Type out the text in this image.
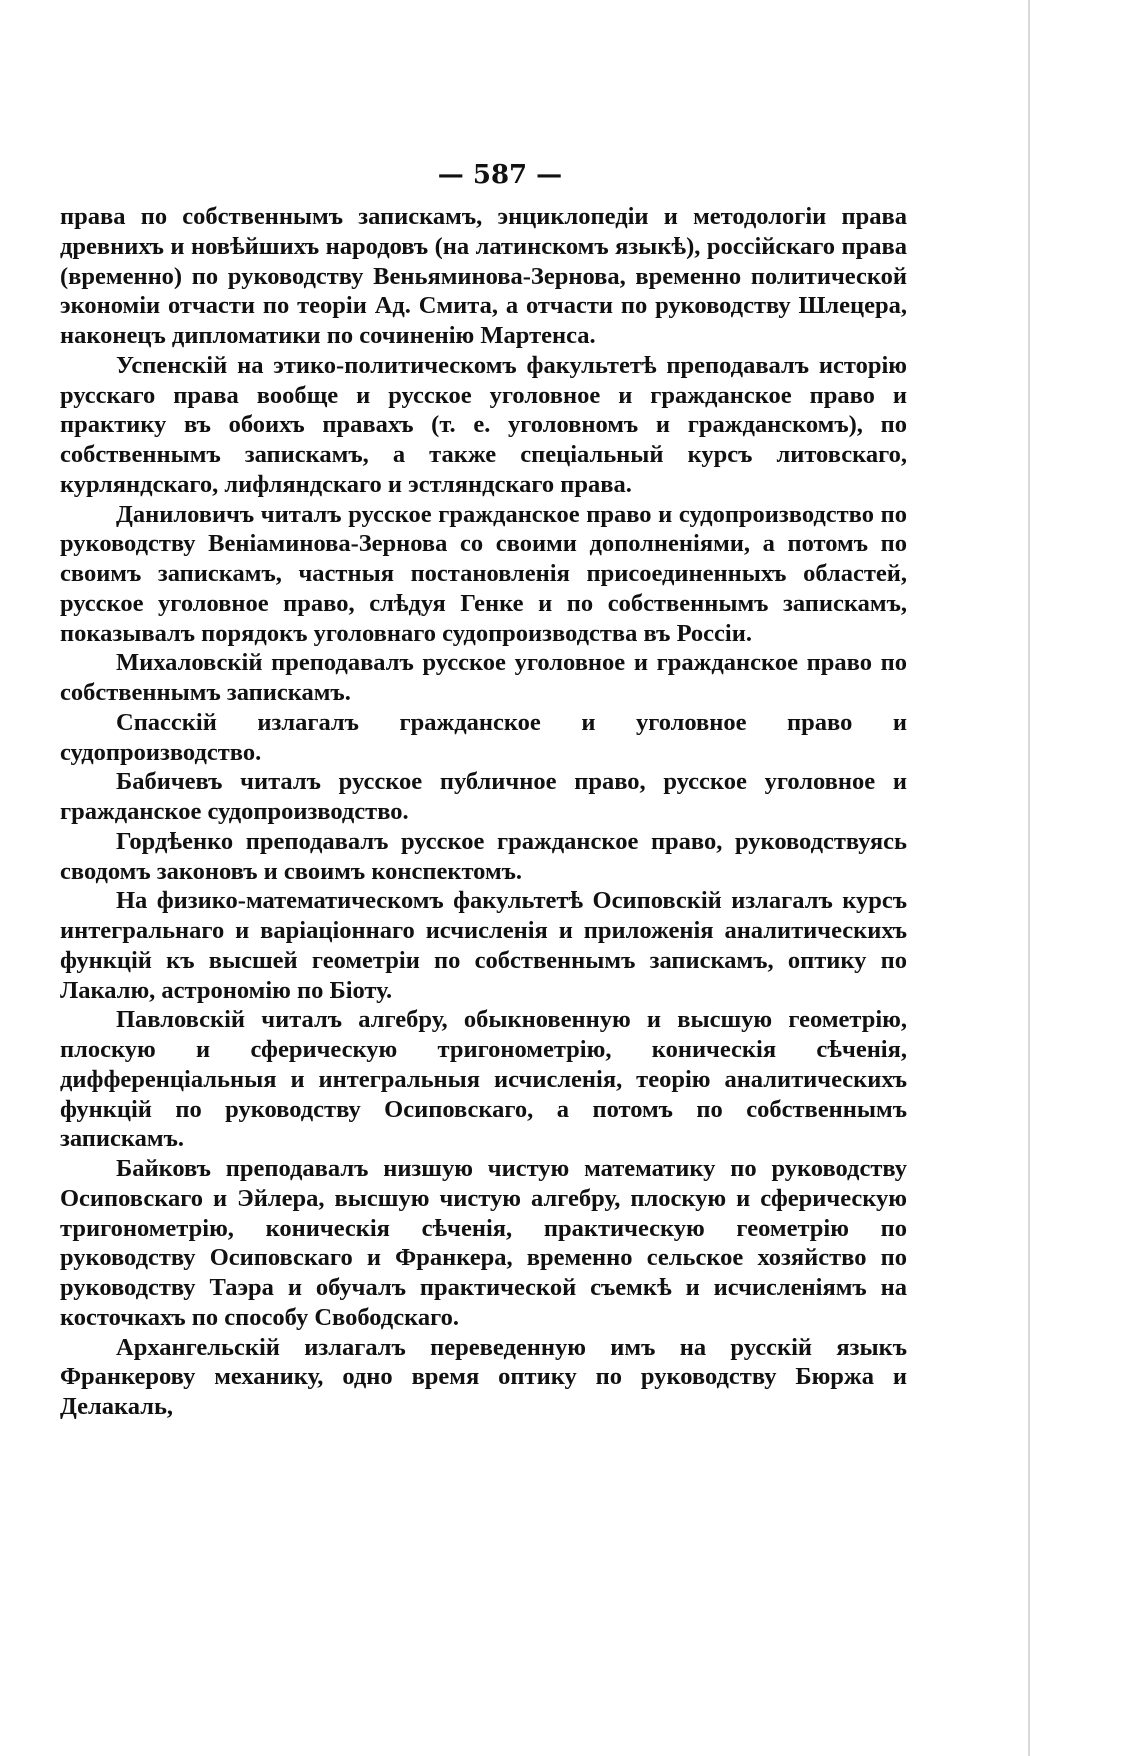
— 587 —

права по собственнымъ запискамъ, энциклопедіи и методологіи права древнихъ и новѣйшихъ народовъ (на латинскомъ языкѣ), россійскаго права (временно) по руководству Веньяминова-Зернова, временно политической экономіи отчасти по теоріи Ад. Смита, а отчасти по руководству Шлецера, наконецъ дипломатики по сочиненію Мартенса.

Успенскій на этико-политическомъ факультетѣ преподавалъ исторію русскаго права вообще и русское уголовное и гражданское право и практику въ обоихъ правахъ (т. е. уголовномъ и гражданскомъ), по собственнымъ запискамъ, а также спеціальный курсъ литовскаго, курляндскаго, лифляндскаго и эстляндскаго права.

Даниловичъ читалъ русское гражданское право и судопроизводство по руководству Веніаминова-Зернова со своими дополненіями, а потомъ по своимъ запискамъ, частныя постановленія присоединенныхъ областей, русское уголовное право, слѣдуя Генке и по собственнымъ запискамъ, показывалъ порядокъ уголовнаго судопроизводства въ Россіи.

Михаловскій преподавалъ русское уголовное и гражданское право по собственнымъ запискамъ.

Спасскій излагалъ гражданское и уголовное право и судопроизводство.

Бабичевъ читалъ русское публичное право, русское уголовное и гражданское судопроизводство.

Гордѣенко преподавалъ русское гражданское право, руководствуясь сводомъ законовъ и своимъ конспектомъ.

На физико-математическомъ факультетѣ Осиповскій излагалъ курсъ интегральнаго и варіаціоннаго исчисленія и приложенія аналитическихъ функцій къ высшей геометріи по собственнымъ запискамъ, оптику по Лакалю, астрономію по Біоту.

Павловскій читалъ алгебру, обыкновенную и высшую геометрію, плоскую и сферическую тригонометрію, коническія сѣченія, дифференціальныя и интегральныя исчисленія, теорію аналитическихъ функцій по руководству Осиповскаго, а потомъ по собственнымъ запискамъ.

Байковъ преподавалъ низшую чистую математику по руководству Осиповскаго и Эйлера, высшую чистую алгебру, плоскую и сферическую тригонометрію, коническія сѣченія, практическую геометрію по руководству Осиповскаго и Франкера, временно сельское хозяйство по руководству Таэра и обучалъ практической съемкѣ и исчисленіямъ на косточкахъ по способу Свободскаго.

Архангельскій излагалъ переведенную имъ на русскій языкъ Франкерову механику, одно время оптику по руководству Бюржа и Делакаль,
